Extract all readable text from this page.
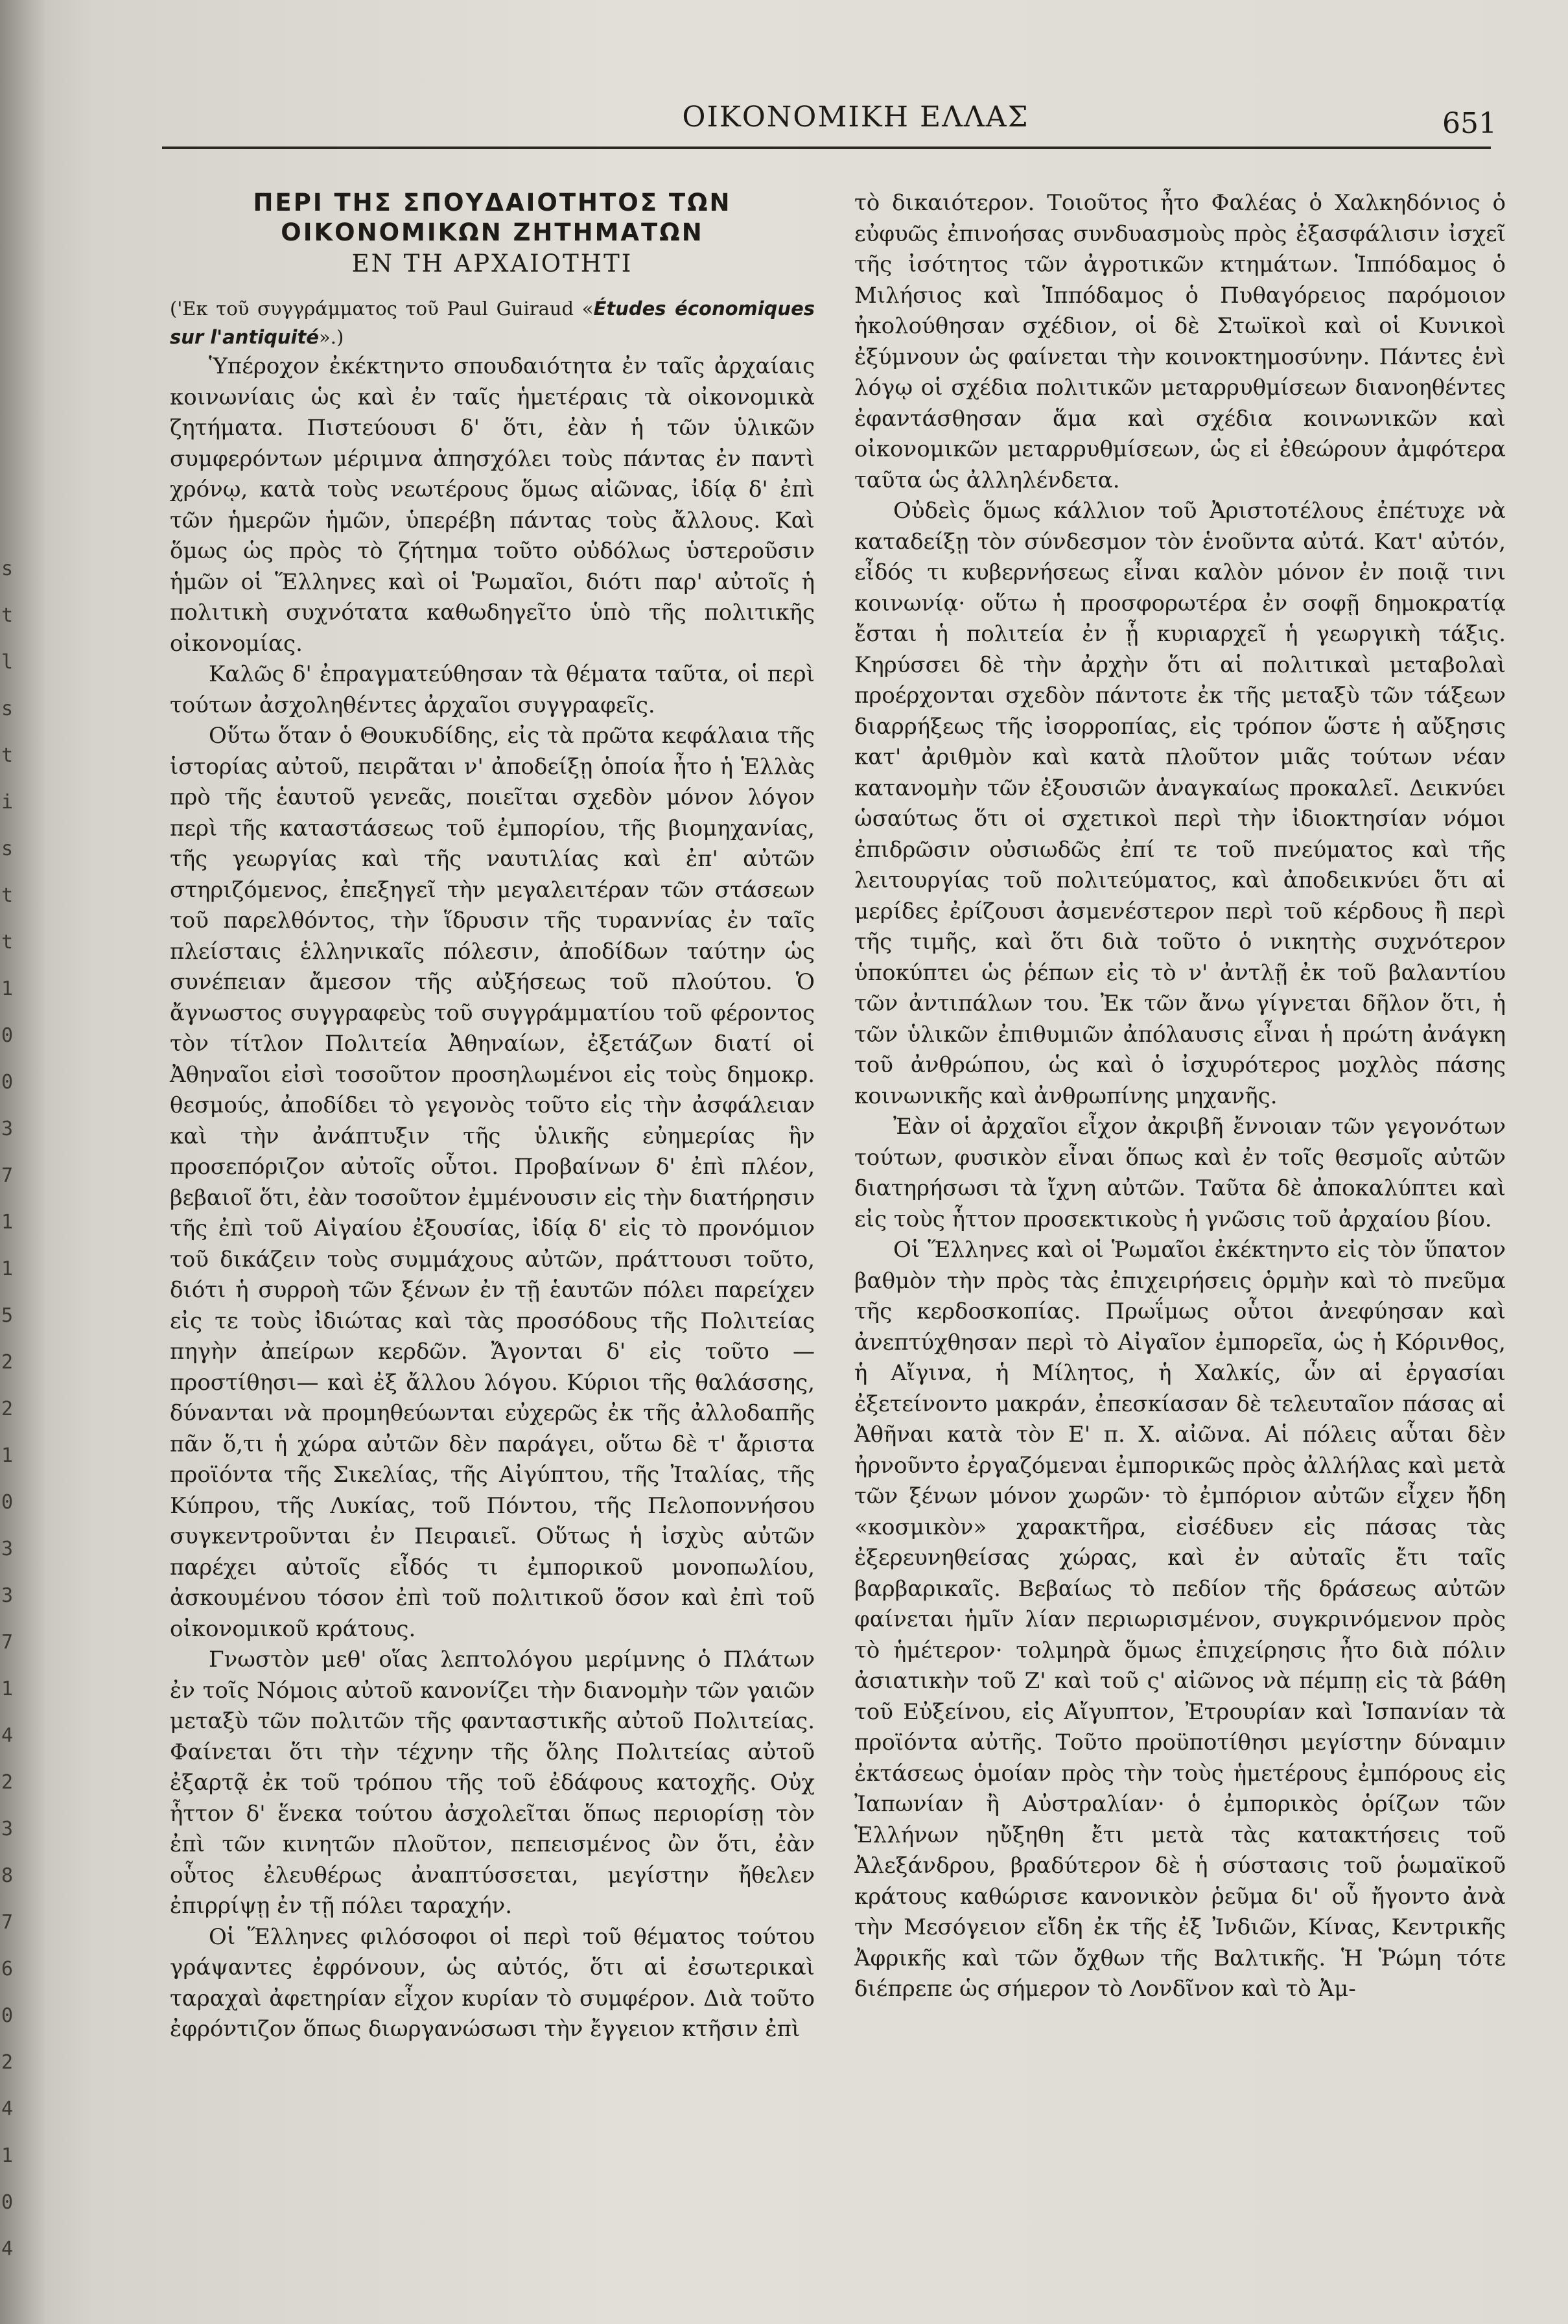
ΟΙΚΟΝΟΜΙΚΗ ΕΛΛΑΣ	651
ΠΕΡΙ ΤΗΣ ΣΠΟΥΔΑΙΟΤΗΤΟΣ ΤΩΝ ΟΙΚΟΝΟΜΙΚΩΝ ΖΗΤΗΜΑΤΩΝ
ΕΝ ΤΗ ΑΡΧΑΙΟΤΗΤΙ

('Εκ τοῦ συγγράμματος τοῦ Paul Guiraud «Études économiques sur l'antiquité».)

Ὑπέροχον ἐκέκτηντο σπουδαιότητα ἐν ταῖς ἀρχαίαις κοινωνίαις ὡς καὶ ἐν ταῖς ἡμετέραις τὰ οἰκονομικὰ ζητήματα. Πιστεύουσι δ' ὅτι, ἐὰν ἡ τῶν ὑλικῶν συμφερόντων μέριμνα ἀπησχόλει τοὺς πάντας ἐν παντὶ χρόνῳ, κατὰ τοὺς νεωτέρους ὅμως αἰῶνας, ἰδίᾳ δ' ἐπὶ τῶν ἡμερῶν ἡμῶν, ὑπερέβη πάντας τοὺς ἄλλους. Καὶ ὅμως ὡς πρὸς τὸ ζήτημα τοῦτο οὐδόλως ὑστεροῦσιν ἡμῶν οἱ Ἕλληνες καὶ οἱ Ῥωμαῖοι, διότι παρ' αὐτοῖς ἡ πολιτικὴ συχνότατα καθωδηγεῖτο ὑπὸ τῆς πολιτικῆς οἰκονομίας.

Καλῶς δ' ἐπραγματεύθησαν τὰ θέματα ταῦτα, οἱ περὶ τούτων ἀσχοληθέντες ἀρχαῖοι συγγραφεῖς.

Οὕτω ὅταν ὁ Θουκυδίδης, εἰς τὰ πρῶτα κεφάλαια τῆς ἱστορίας αὐτοῦ, πειρᾶται ν' ἀποδείξῃ ὁποία ἦτο ἡ Ἑλλὰς πρὸ τῆς ἑαυτοῦ γενεᾶς, ποιεῖται σχεδὸν μόνον λόγον περὶ τῆς καταστάσεως τοῦ ἐμπορίου, τῆς βιομηχανίας, τῆς γεωργίας καὶ τῆς ναυτιλίας καὶ ἐπ' αὐτῶν στηριζόμενος, ἐπεξηγεῖ τὴν μεγαλειτέραν τῶν στάσεων τοῦ παρελθόντος, τὴν ἵδρυσιν τῆς τυραννίας ἐν ταῖς πλείσταις ἑλληνικαῖς πόλεσιν, ἀποδίδων ταύτην ὡς συνέπειαν ἄμεσον τῆς αὐξήσεως τοῦ πλούτου. Ὁ ἄγνωστος συγγραφεὺς τοῦ συγγράμματίου τοῦ φέροντος τὸν τίτλον Πολιτεία Ἀθηναίων, ἐξετάζων διατί οἱ Ἀθηναῖοι εἰσὶ τοσοῦτον προσηλωμένοι εἰς τοὺς δημοκρ. θεσμούς, ἀποδίδει τὸ γεγονὸς τοῦτο εἰς τὴν ἀσφάλειαν καὶ τὴν ἀνάπτυξιν τῆς ὑλικῆς εὐημερίας ἣν προσεπόριζον αὐτοῖς οὗτοι. Προβαίνων δ' ἐπὶ πλέον, βεβαιοῖ ὅτι, ἐὰν τοσοῦτον ἐμμένουσιν εἰς τὴν διατήρησιν τῆς ἐπὶ τοῦ Αἰγαίου ἐξουσίας, ἰδίᾳ δ' εἰς τὸ προνόμιον τοῦ δικάζειν τοὺς συμμάχους αὐτῶν, πράττουσι τοῦτο, διότι ἡ συρροὴ τῶν ξένων ἐν τῇ ἑαυτῶν πόλει παρείχεν εἰς τε τοὺς ἰδιώτας καὶ τὰς προσόδους τῆς Πολιτείας πηγὴν ἀπείρων κερδῶν. Ἄγονται δ' εἰς τοῦτο —προστίθησι— καὶ ἐξ ἄλλου λόγου. Κύριοι τῆς θαλάσσης, δύνανται νὰ προμηθεύωνται εὐχερῶς ἐκ τῆς ἀλλοδαπῆς πᾶν ὅ,τι ἡ χώρα αὐτῶν δὲν παράγει, οὕτω δὲ τ' ἄριστα προϊόντα τῆς Σικελίας, τῆς Αἰγύπτου, τῆς Ἰταλίας, τῆς Κύπρου, τῆς Λυκίας, τοῦ Πόντου, τῆς Πελοποννήσου συγκεντροῦνται ἐν Πειραιεῖ. Οὕτως ἡ ἰσχὺς αὐτῶν παρέχει αὐτοῖς εἶδός τι ἐμπορικοῦ μονοπωλίου, ἀσκουμένου τόσον ἐπὶ τοῦ πολιτικοῦ ὅσον καὶ ἐπὶ τοῦ οἰκονομικοῦ κράτους.

Γνωστὸν μεθ' οἵας λεπτολόγου μερίμνης ὁ Πλάτων ἐν τοῖς Νόμοις αὐτοῦ κανονίζει τὴν διανομὴν τῶν γαιῶν μεταξὺ τῶν πολιτῶν τῆς φανταστικῆς αὐτοῦ Πολιτείας. Φαίνεται ὅτι τὴν τέχνην τῆς ὅλης Πολιτείας αὐτοῦ ἐξαρτᾷ ἐκ τοῦ τρόπου τῆς τοῦ ἐδάφους κατοχῆς. Οὐχ ἧττον δ' ἕνεκα τούτου ἀσχολεῖται ὅπως περιορίσῃ τὸν ἐπὶ τῶν κινητῶν πλοῦτον, πεπεισμένος ὢν ὅτι, ἐὰν οὗτος ἐλευθέρως ἀναπτύσσεται, μεγίστην ἤθελεν ἐπιρρίψῃ ἐν τῇ πόλει ταραχήν.

Οἱ Ἕλληνες φιλόσοφοι οἱ περὶ τοῦ θέματος τούτου γράψαντες ἐφρόνουν, ὡς αὐτός, ὅτι αἱ ἐσωτερικαὶ ταραχαὶ ἀφετηρίαν εἶχον κυρίαν τὸ συμφέρον. Διὰ τοῦτο ἐφρόντιζον ὅπως διωργανώσωσι τὴν ἔγγειον κτῆσιν ἐπὶ

τὸ δικαιότερον. Τοιοῦτος ἦτο Φαλέας ὁ Χαλκηδόνιος ὁ εὐφυῶς ἐπινοήσας συνδυασμοὺς πρὸς ἐξασφάλισιν ἰσχεῖ τῆς ἰσότητος τῶν ἀγροτικῶν κτημάτων. Ἱππόδαμος ὁ Μιλήσιος καὶ Ἱππόδαμος ὁ Πυθαγόρειος παρόμοιον ἠκολούθησαν σχέδιον, οἱ δὲ Στωϊκοὶ καὶ οἱ Κυνικοὶ ἐξύμνουν ὡς φαίνεται τὴν κοινοκτημοσύνην. Πάντες ἑνὶ λόγῳ οἱ σχέδια πολιτικῶν μεταρρυθμίσεων διανοηθέντες ἐφαντάσθησαν ἅμα καὶ σχέδια κοινωνικῶν καὶ οἰκονομικῶν μεταρρυθμίσεων, ὡς εἰ ἐθεώρουν ἀμφότερα ταῦτα ὡς ἀλληλένδετα.

Οὐδεὶς ὅμως κάλλιον τοῦ Ἀριστοτέλους ἐπέτυχε νὰ καταδείξῃ τὸν σύνδεσμον τὸν ἑνοῦντα αὐτά. Κατ' αὐτόν, εἶδός τι κυβερνήσεως εἶναι καλὸν μόνον ἐν ποιᾷ τινι κοινωνίᾳ· οὕτω ἡ προσφορωτέρα ἐν σοφῇ δημοκρατίᾳ ἔσται ἡ πολιτεία ἐν ᾗ κυριαρχεῖ ἡ γεωργικὴ τάξις. Κηρύσσει δὲ τὴν ἀρχὴν ὅτι αἱ πολιτικαὶ μεταβολαὶ προέρχονται σχεδὸν πάντοτε ἐκ τῆς μεταξὺ τῶν τάξεων διαρρήξεως τῆς ἰσορροπίας, εἰς τρόπον ὥστε ἡ αὔξησις κατ' ἀριθμὸν καὶ κατὰ πλοῦτον μιᾶς τούτων νέαν κατανομὴν τῶν ἐξουσιῶν ἀναγκαίως προκαλεῖ. Δεικνύει ὡσαύτως ὅτι οἱ σχετικοὶ περὶ τὴν ἰδιοκτησίαν νόμοι ἐπιδρῶσιν οὐσιωδῶς ἐπί τε τοῦ πνεύματος καὶ τῆς λειτουργίας τοῦ πολιτεύματος, καὶ ἀποδεικνύει ὅτι αἱ μερίδες ἐρίζουσι ἀσμενέστερον περὶ τοῦ κέρδους ἢ περὶ τῆς τιμῆς, καὶ ὅτι διὰ τοῦτο ὁ νικητὴς συχνότερον ὑποκύπτει ὡς ῥέπων εἰς τὸ ν' ἀντλῇ ἐκ τοῦ βαλαντίου τῶν ἀντιπάλων του. Ἐκ τῶν ἄνω γίγνεται δῆλον ὅτι, ἡ τῶν ὑλικῶν ἐπιθυμιῶν ἀπόλαυσις εἶναι ἡ πρώτη ἀνάγκη τοῦ ἀνθρώπου, ὡς καὶ ὁ ἰσχυρότερος μοχλὸς πάσης κοινωνικῆς καὶ ἀνθρωπίνης μηχανῆς.

Ἐὰν οἱ ἀρχαῖοι εἶχον ἀκριβῆ ἔννοιαν τῶν γεγονότων τούτων, φυσικὸν εἶναι ὅπως καὶ ἐν τοῖς θεσμοῖς αὐτῶν διατηρήσωσι τὰ ἴχνη αὐτῶν. Ταῦτα δὲ ἀποκαλύπτει καὶ εἰς τοὺς ἧττον προσεκτικοὺς ἡ γνῶσις τοῦ ἀρχαίου βίου.

Οἱ Ἕλληνες καὶ οἱ Ῥωμαῖοι ἐκέκτηντο εἰς τὸν ὕπατον βαθμὸν τὴν πρὸς τὰς ἐπιχειρήσεις ὁρμὴν καὶ τὸ πνεῦμα τῆς κερδοσκοπίας. Πρωΐμως οὗτοι ἀνεφύησαν καὶ ἀνεπτύχθησαν περὶ τὸ Αἰγαῖον ἐμπορεῖα, ὡς ἡ Κόρινθος, ἡ Αἴγινα, ἡ Μίλητος, ἡ Χαλκίς, ὧν αἱ ἐργασίαι ἐξετείνοντο μακράν, ἐπεσκίασαν δὲ τελευταῖον πάσας αἱ Ἀθῆναι κατὰ τὸν Ε' π. Χ. αἰῶνα. Αἱ πόλεις αὗται δὲν ἠρνοῦντο ἐργαζόμεναι ἐμπορικῶς πρὸς ἀλλήλας καὶ μετὰ τῶν ξένων μόνον χωρῶν· τὸ ἐμπόριον αὐτῶν εἶχεν ἤδη «κοσμικὸν» χαρακτῆρα, εἰσέδυεν εἰς πάσας τὰς ἐξερευνηθείσας χώρας, καὶ ἐν αὐταῖς ἔτι ταῖς βαρβαρικαῖς. Βεβαίως τὸ πεδίον τῆς δράσεως αὐτῶν φαίνεται ἡμῖν λίαν περιωρισμένον, συγκρινόμενον πρὸς τὸ ἡμέτερον· τολμηρὰ ὅμως ἐπιχείρησις ἦτο διὰ πόλιν ἀσιατικὴν τοῦ Ζ' καὶ τοῦ ς' αἰῶνος νὰ πέμπῃ εἰς τὰ βάθη τοῦ Εὐξείνου, εἰς Αἴγυπτον, Ἐτρουρίαν καὶ Ἱσπανίαν τὰ προϊόντα αὐτῆς. Τοῦτο προϋποτίθησι μεγίστην δύναμιν ἐκτάσεως ὁμοίαν πρὸς τὴν τοὺς ἡμετέρους ἐμπόρους εἰς Ἰαπωνίαν ἢ Αὐστραλίαν· ὁ ἐμπορικὸς ὁρίζων τῶν Ἑλλήνων ηὔξηθη ἔτι μετὰ τὰς κατακτήσεις τοῦ Ἀλεξάνδρου, βραδύτερον δὲ ἡ σύστασις τοῦ ῥωμαϊκοῦ κράτους καθώρισε κανονικὸν ῥεῦμα δι' οὗ ἤγοντο ἀνὰ τὴν Μεσόγειον εἴδη ἐκ τῆς ἐξ Ἰνδιῶν, Κίνας, Κεντρικῆς Ἀφρικῆς καὶ τῶν ὄχθων τῆς Βαλτικῆς. Ἡ Ῥώμη τότε διέπρεπε ὡς σήμερον τὸ Λονδῖνον καὶ τὸ Ἀμ-

s
t
l
s
t
i
s
t
t
1
0
0
3
7
1
1
5
2
2
1
0
3
3
7
1
4
2
3
8
7
6
0
2
4
1
0
4
